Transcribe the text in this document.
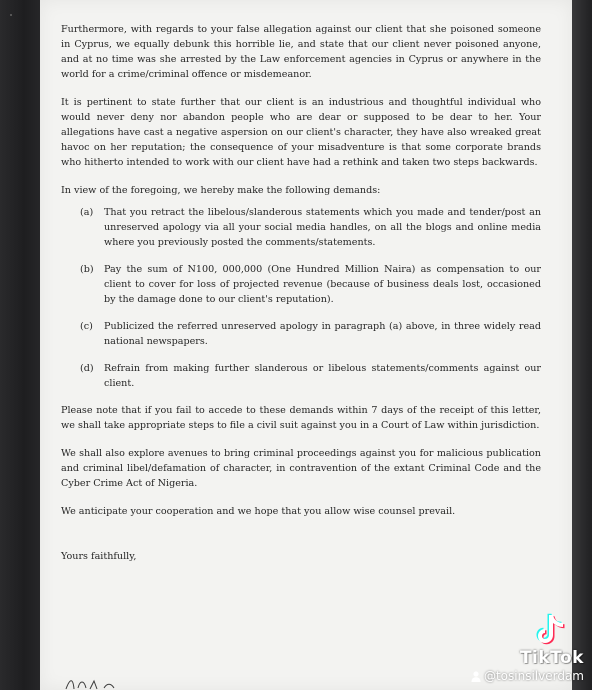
Furthermore, with regards to your false allegation against our client that she poisoned someone in Cyprus, we equally debunk this horrible lie, and state that our client never poisoned anyone, and at no time was she arrested by the Law enforcement agencies in Cyprus or anywhere in the world for a crime/criminal offence or misdemeanor.

It is pertinent to state further that our client is an industrious and thoughtful individual who would never deny nor abandon people who are dear or supposed to be dear to her. Your allegations have cast a negative aspersion on our client's character, they have also wreaked great havoc on her reputation; the consequence of your misadventure is that some corporate brands who hitherto intended to work with our client have had a rethink and taken two steps backwards.

In view of the foregoing, we hereby make the following demands:

(a)	That you retract the libelous/slanderous statements which you made and tender/post an unreserved apology via all your social media handles, on all the blogs and online media where you previously posted the comments/statements.
(b)	Pay the sum of N100, 000,000 (One Hundred Million Naira) as compensation to our client to cover for loss of projected revenue (because of business deals lost, occasioned by the damage done to our client's reputation).
(c)	Publicized the referred unreserved apology in paragraph (a) above, in three widely read national newspapers.
(d)	Refrain from making further slanderous or libelous statements/comments against our client.

Please note that if you fail to accede to these demands within 7 days of the receipt of this letter, we shall take appropriate steps to file a civil suit against you in a Court of Law within jurisdiction.

We shall also explore avenues to bring criminal proceedings against you for malicious publication and criminal libel/defamation of character, in contravention of the extant Criminal Code and the Cyber Crime Act of Nigeria.

We anticipate your cooperation and we hope that you allow wise counsel prevail.

Yours faithfully,

TikTok
@tosinsilverdam
